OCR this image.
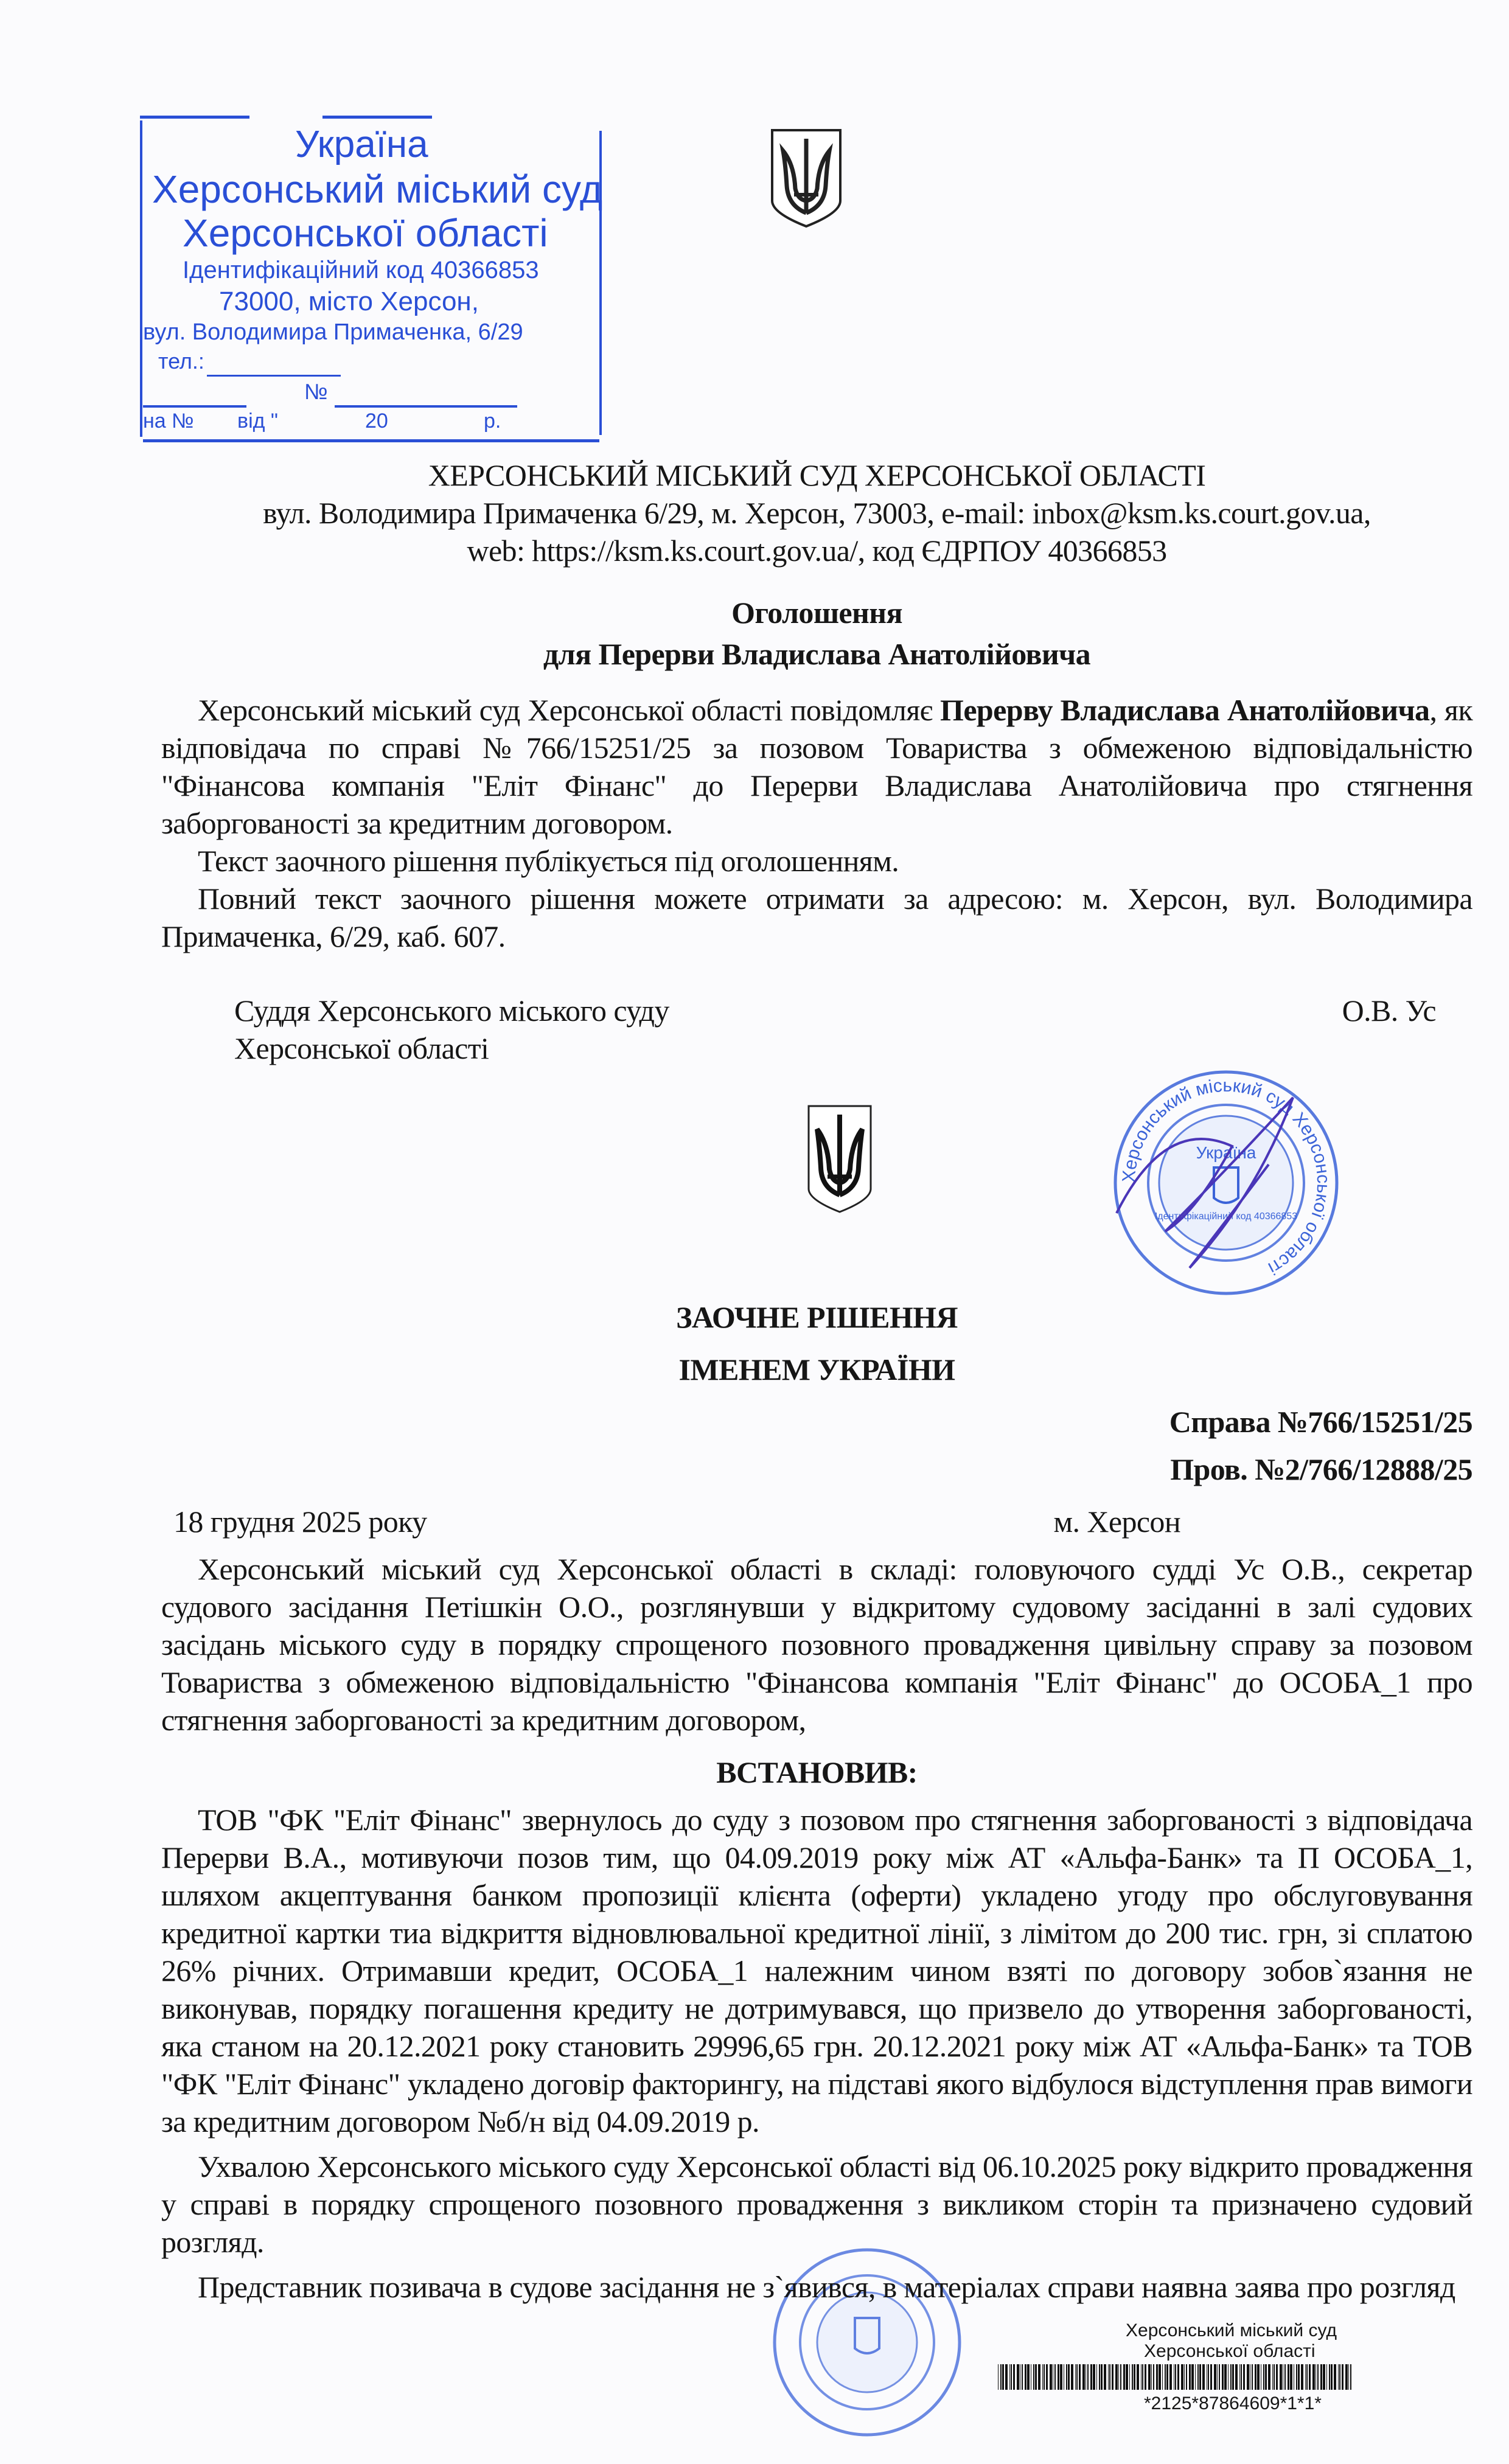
Україна
Херсонський міський суд
Херсонської області
Ідентифікаційний код 40366853
73000, місто Херсон,
вул. Володимира Примаченка, 6/29
тел.:
№
на № від "	20	р.
ХЕРСОНСЬКИЙ МІСЬКИЙ СУД ХЕРСОНСЬКОЇ ОБЛАСТІ
вул. Володимира Примаченка 6/29, м. Херсон, 73003, e-mail: inbox@ksm.ks.court.gov.ua,
web: https://ksm.ks.court.gov.ua/, код ЄДРПОУ 40366853
Оголошення
для Перерви Владислава Анатолійовича
Херсонський міський суд Херсонської області повідомляє Перерву Владислава Анатолійовича, як відповідача по справі №766/15251/25 за позовом Товариства з обмеженою відповідальністю "Фінансова компанія "Еліт Фінанс" до Перерви Владислава Анатолійовича про стягнення заборгованості за кредитним договором.
Текст заочного рішення публікується під оголошенням.
Повний текст заочного рішення можете отримати за адресою: м. Херсон, вул. Володимира Примаченка, 6/29, каб. 607.
Суддя Херсонського міського суду
Херсонської області
О.В. Ус
Херсонський міський суд Херсонської області
Ідентифікаційний код 40366853
Україна
ЗАОЧНЕ РІШЕННЯ
ІМЕНЕМ УКРАЇНИ
Справа №766/15251/25
Пров. №2/766/12888/25
18 грудня 2025 року	м. Херсон
Херсонський міський суд Херсонської області в складі: головуючого судді Ус О.В., секретар судового засідання Петішкін О.О., розглянувши у відкритому судовому засіданні в залі судових засідань міського суду в порядку спрощеного позовного провадження цивільну справу за позовом Товариства з обмеженою відповідальністю "Фінансова компанія "Еліт Фінанс" до ОСОБА_1 про стягнення заборгованості за кредитним договором,
ВСТАНОВИВ:
ТОВ "ФК "Еліт Фінанс" звернулось до суду з позовом про стягнення заборгованості з відповідача Перерви В.А., мотивуючи позов тим, що 04.09.2019 року між АТ «Альфа-Банк» та П ОСОБА_1, шляхом акцептування банком пропозиції клієнта (оферти) укладено угоду про обслуговування кредитної картки тиа відкриття відновлювальної кредитної лінії, з лімітом до 200 тис. грн, зі сплатою 26% річних. Отримавши кредит, ОСОБА_1 належним чином взяті по договору зобов`язання не виконував, порядку погашення кредиту не дотримувався, що призвело до утворення заборгованості, яка станом на 20.12.2021 року становить 29996,65 грн. 20.12.2021 року між АТ «Альфа-Банк» та ТОВ "ФК "Еліт Фінанс" укладено договір факторингу, на підставі якого відбулося відступлення прав вимоги за кредитним договором №б/н від 04.09.2019 р.
Ухвалою Херсонського міського суду Херсонської області від 06.10.2025 року відкрито провадження у справі в порядку спрощеного позовного провадження з викликом сторін та призначено судовий розгляд.
Представник позивача в судове засідання не з`явився, в матеріалах справи наявна заява про розгляд
Херсонський міський суд
Херсонської області
*2125*87864609*1*1*
